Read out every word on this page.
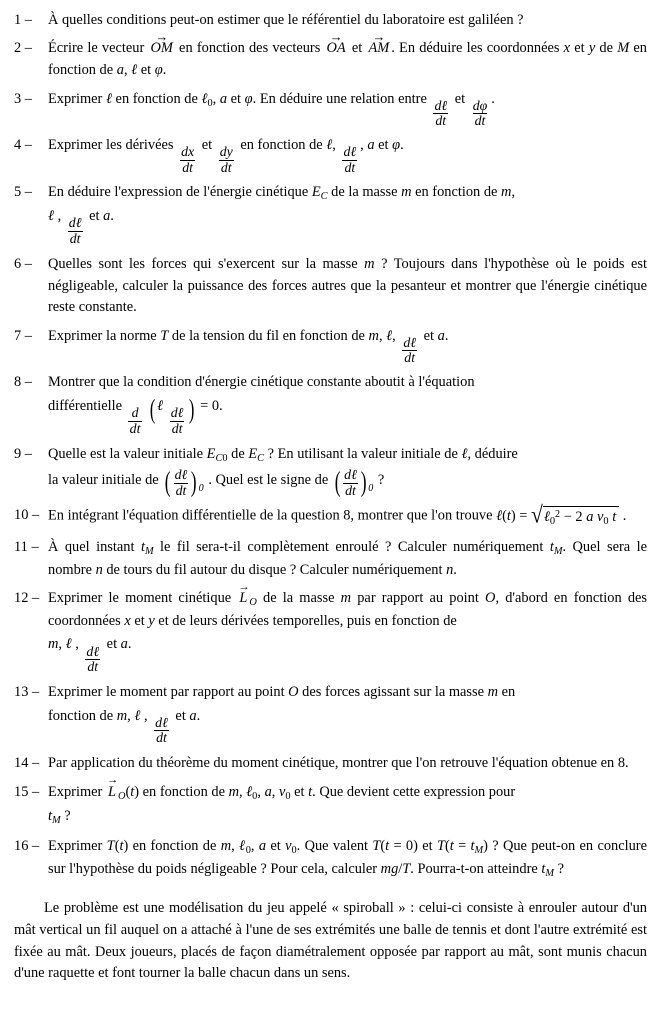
1 –	À quelles conditions peut-on estimer que le référentiel du laboratoire est galiléen ?
2 –	Écrire le vecteur OM → en fonction des vecteurs OA → et AM → . En déduire les coordonnées x et y de M en fonction de a, ℓ et φ.
3 –	Exprimer ℓ en fonction de ℓ$_0$, a et φ. En déduire une relation entre
$\frac{\text{dℓ}}{dt}$
et
$\frac{d\varphi}{dt}$
.
4 –	Exprimer les dérivées
$\frac{dx}{dt}$
et
$\frac{dy}{dt}$
en fonction de ℓ,
$\frac{\text{dℓ}}{dt}$
, a et φ.
5 –	En déduire l'expression de l'énergie cinétique $E_C$ de la masse m en fonction de m,
ℓ ,
$\frac{\text{dℓ}}{dt}$
et a.
6 –	Quelles sont les forces qui s'exercent sur la masse m ? Toujours dans l'hypothèse où le poids est négligeable, calculer la puissance des forces autres que la pesanteur et montrer que l'énergie cinétique reste constante.
7 –	Exprimer la norme T de la tension du fil en fonction de m, ℓ,
$\frac{\text{dℓ}}{dt}$
et a.
8 –	Montrer que la condition d'énergie cinétique constante aboutit à l'équation
différentielle
$\frac{d}{dt}$ ( ℓ
$\frac{\text{dℓ}}{dt}$ ) = 0.
9 –	Quelle est la valeur initiale $E_{C0}$ de $E_C$ ? En utilisant la valeur initiale de ℓ, déduire
la valeur initiale de ( $\frac{\text{dℓ}}{dt}$ ) 0
. Quel est le signe de ( $\frac{\text{dℓ}}{dt}$ ) 0
?
10 – En intégrant l'équation différentielle de la question 8, montrer que l'on trouve ℓ(t) = √ ℓ$_0^2$ − 2 a $v_0$ t .
11 – À quel instant $t_M$ le fil sera-t-il complètement enroulé ? Calculer numériquement $t_M$. Quel sera le nombre n de tours du fil autour du disque ? Calculer numériquement n.
12 – Exprimer le moment cinétique L → $_O$ de la masse m par rapport au point O, d'abord en fonction des coordonnées x et y et de leurs dérivées temporelles, puis en fonction de
m, ℓ ,
$\frac{\text{dℓ}}{dt}$
et a.
13 – Exprimer le moment par rapport au point O des forces agissant sur la masse m en
fonction de m, ℓ ,
$\frac{\text{dℓ}}{dt}$
et a.
14 – Par application du théorème du moment cinétique, montrer que l'on retrouve l'équation obtenue en 8.
15 – Exprimer L → $_O$(t) en fonction de m, ℓ$_0$, a, $v_0$ et t. Que devient cette expression pour
$t_M$ ?
16 – Exprimer T(t) en fonction de m, ℓ$_0$, a et $v_0$. Que valent T(t = 0) et $T(t = t_M)$ ? Que peut-on en conclure sur l'hypothèse du poids négligeable ? Pour cela, calculer mg/T. Pourra-t-on atteindre $t_M$ ?
Le problème est une modélisation du jeu appelé « spiroball » : celui-ci consiste à enrouler autour d'un mât vertical un fil auquel on a attaché à l'une de ses extrémités une balle de tennis et dont l'autre extrémité est fixée au mât. Deux joueurs, placés de façon diamétralement opposée par rapport au mât, sont munis chacun d'une raquette et font tourner la balle chacun dans un sens.
